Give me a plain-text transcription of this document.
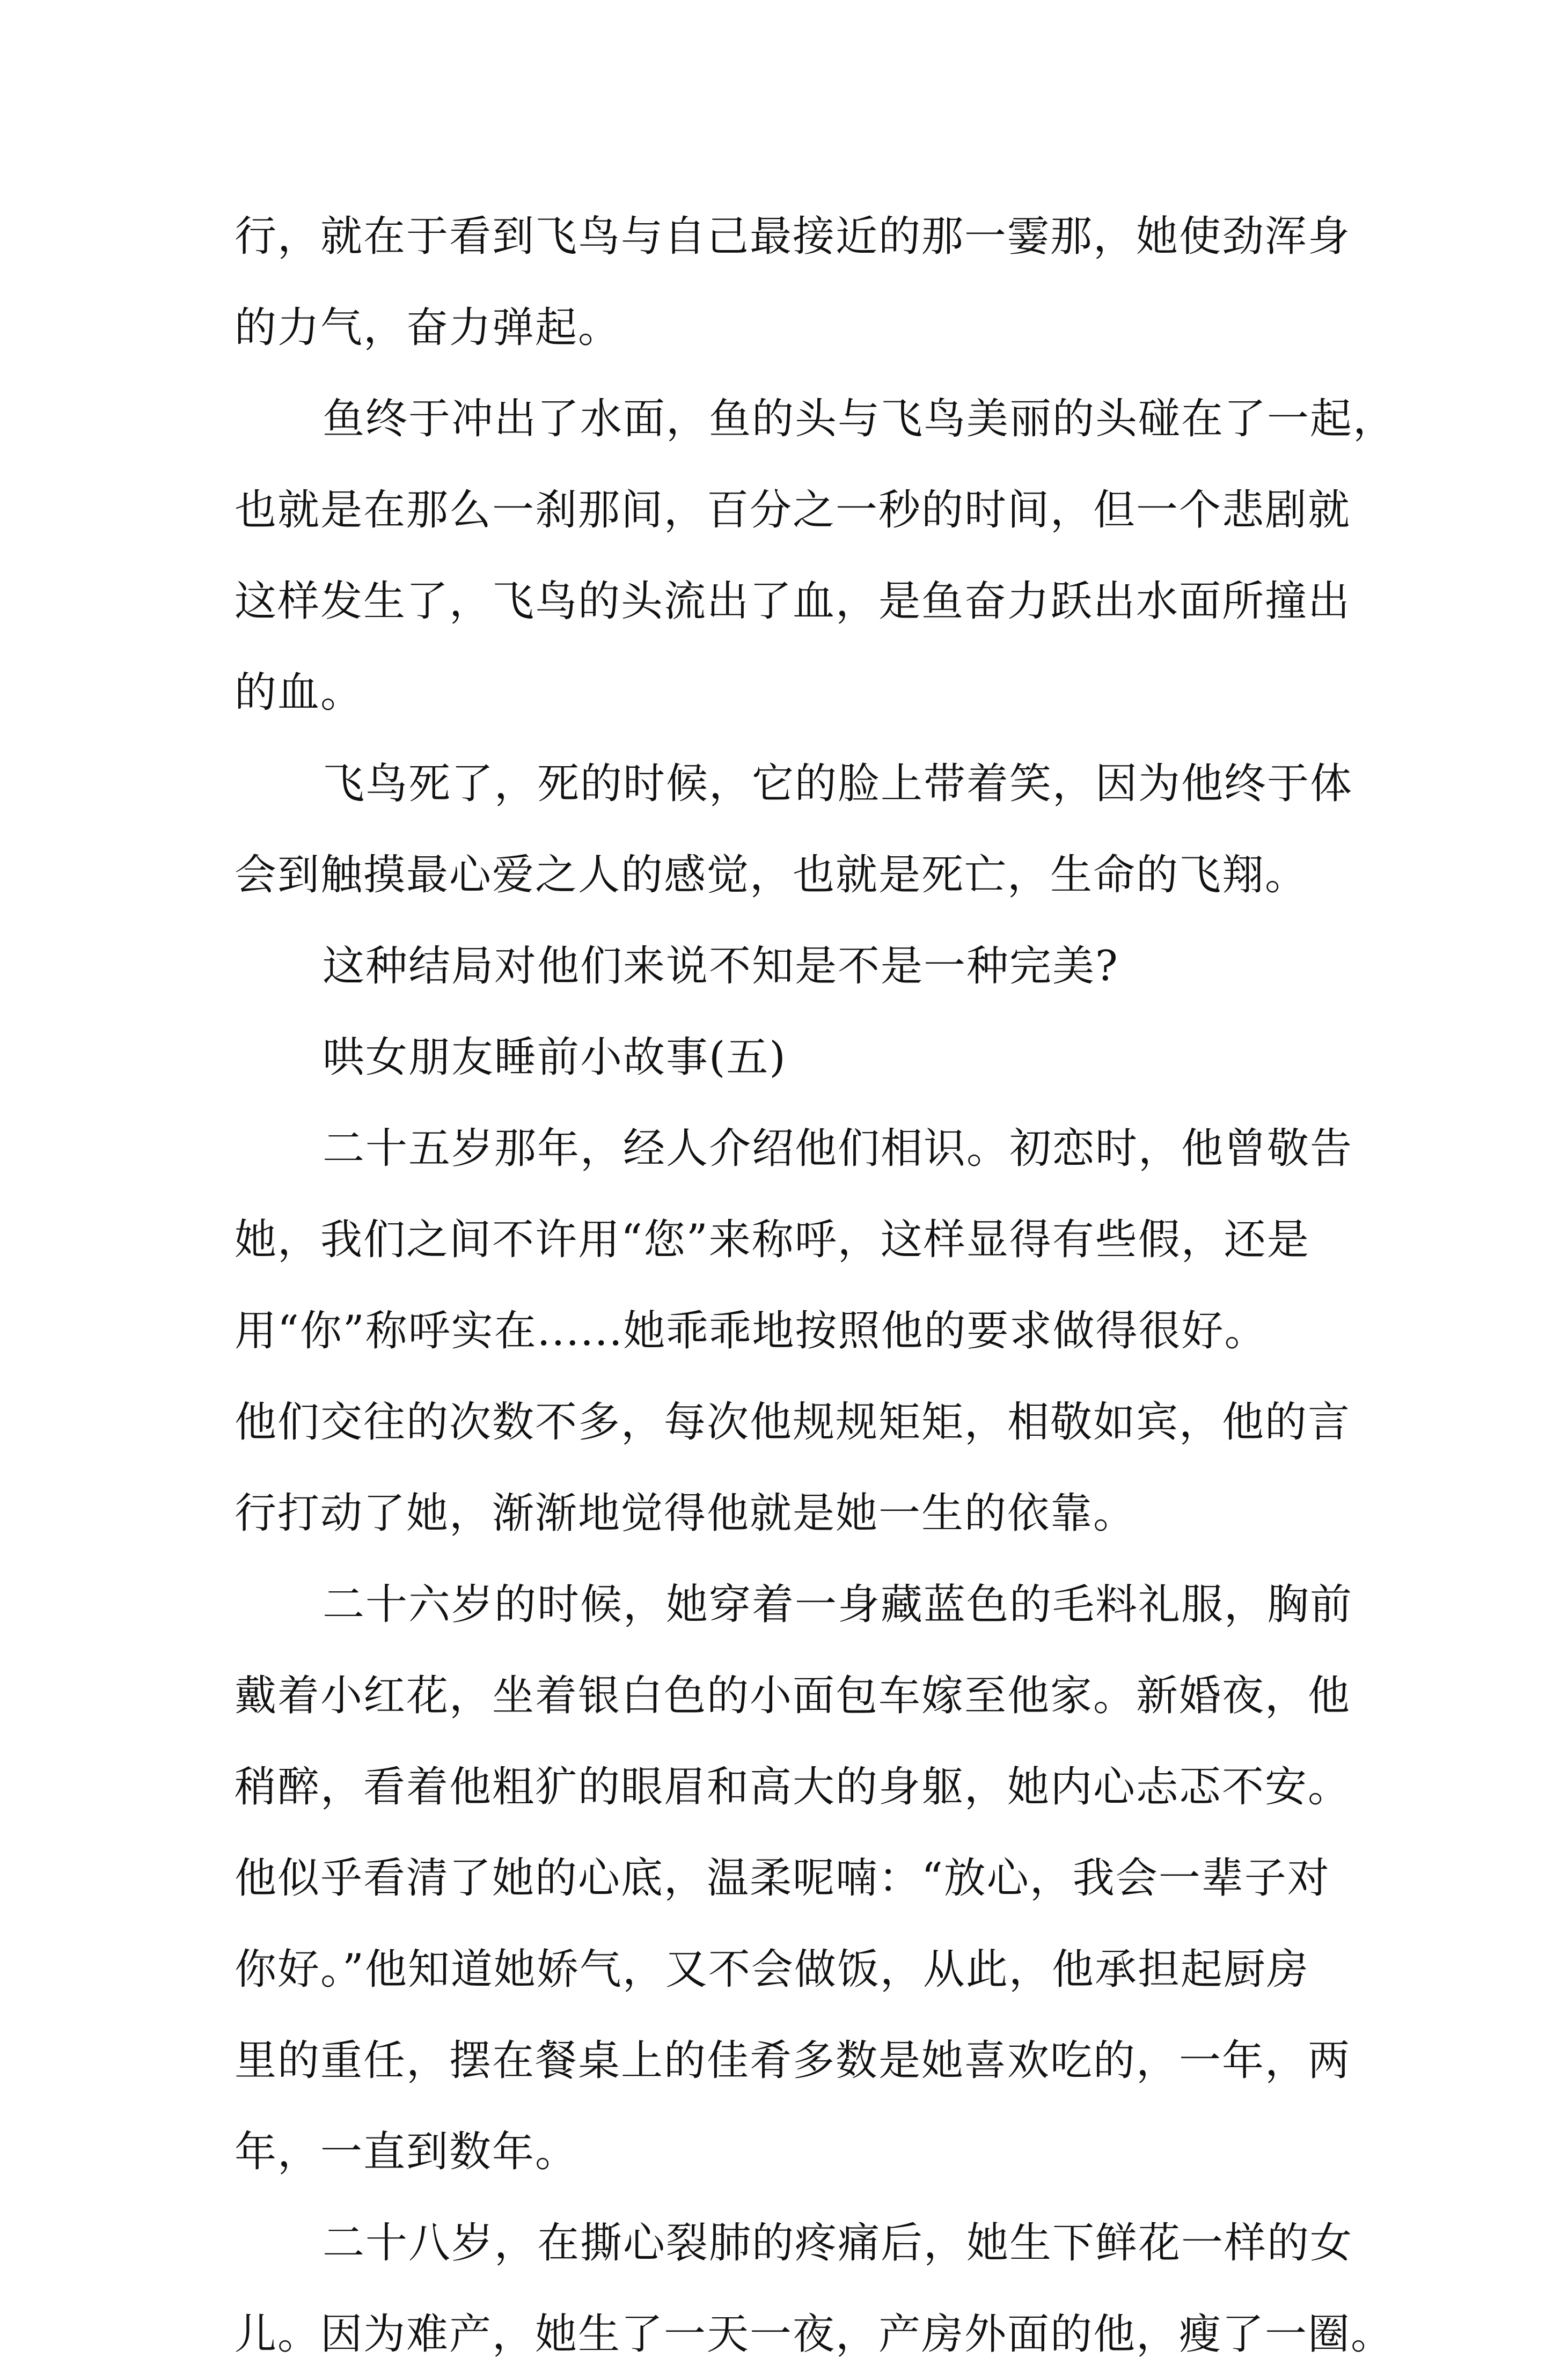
行，就在于看到飞鸟与自己最接近的那一霎那，她使劲浑身
的力气，奋力弹起。
鱼终于冲出了水面，鱼的头与飞鸟美丽的头碰在了一起，
也就是在那么一刹那间，百分之一秒的时间，但一个悲剧就
这样发生了，飞鸟的头流出了血，是鱼奋力跃出水面所撞出
的血。
飞鸟死了，死的时候，它的脸上带着笑，因为他终于体
会到触摸最心爱之人的感觉，也就是死亡，生命的飞翔。
这种结局对他们来说不知是不是一种完美?
哄女朋友睡前小故事(五)
二十五岁那年，经人介绍他们相识。初恋时，他曾敬告
她，我们之间不许用“您”来称呼，这样显得有些假，还是
用“你”称呼实在......她乖乖地按照他的要求做得很好。
他们交往的次数不多，每次他规规矩矩，相敬如宾，他的言
行打动了她，渐渐地觉得他就是她一生的依靠。
二十六岁的时候，她穿着一身藏蓝色的毛料礼服，胸前
戴着小红花，坐着银白色的小面包车嫁至他家。新婚夜，他
稍醉，看着他粗犷的眼眉和高大的身躯，她内心忐忑不安。
他似乎看清了她的心底，温柔呢喃：“放心，我会一辈子对
你好。”他知道她娇气，又不会做饭，从此，他承担起厨房
里的重任，摆在餐桌上的佳肴多数是她喜欢吃的，一年，两
年，一直到数年。
二十八岁，在撕心裂肺的疼痛后，她生下鲜花一样的女
儿。因为难产，她生了一天一夜，产房外面的他，瘦了一圈。
